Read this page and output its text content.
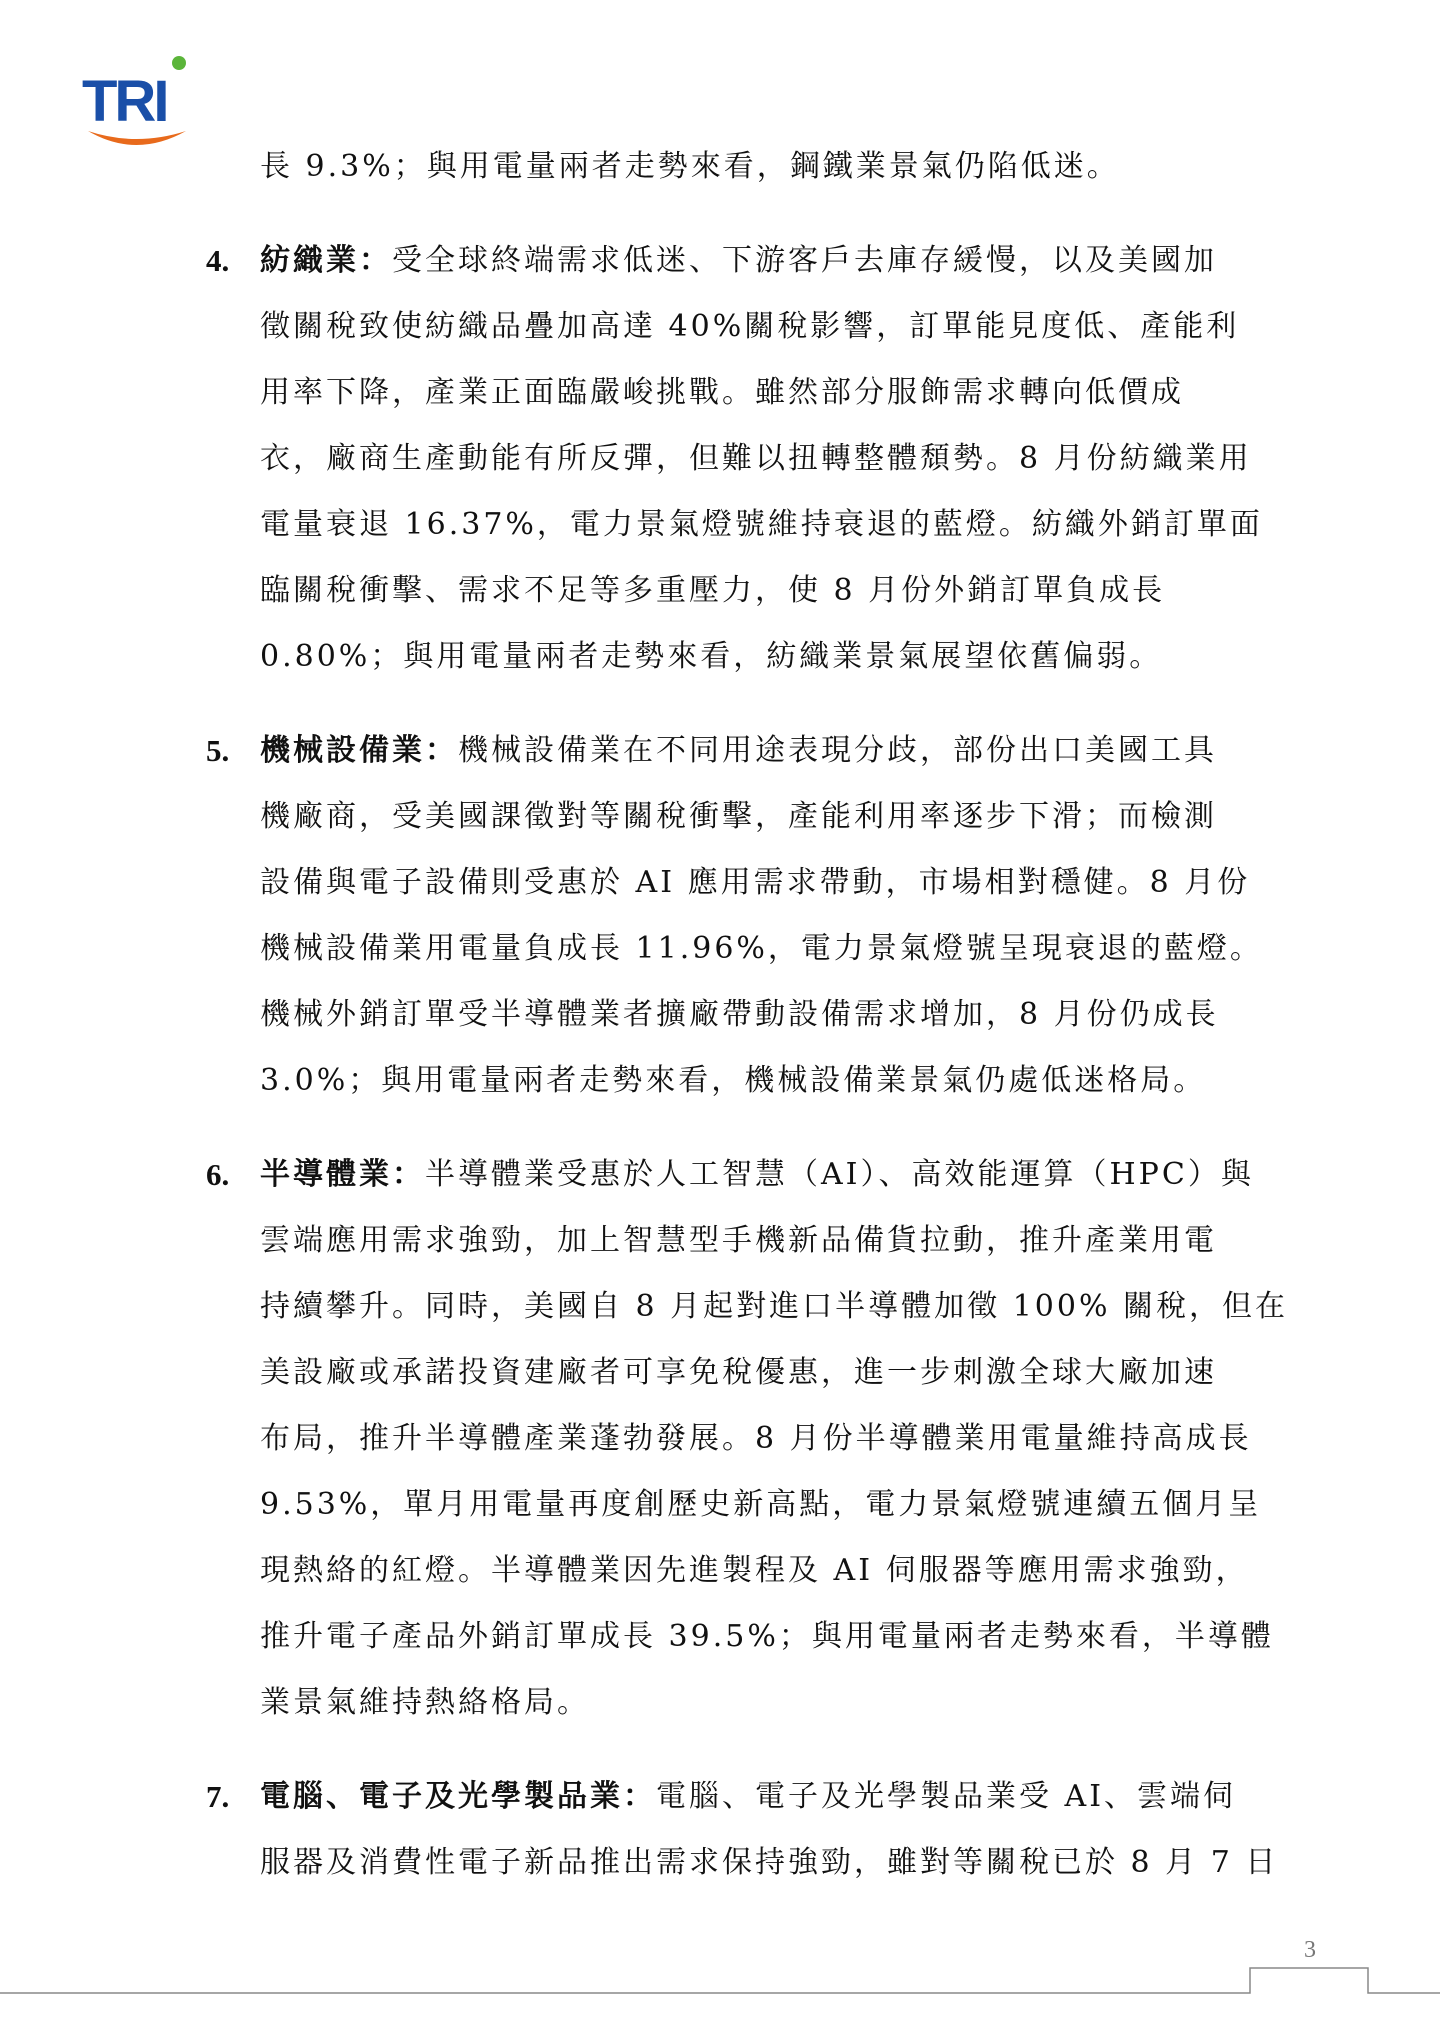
TRI
長 9.3%；與用電量兩者走勢來看，鋼鐵業景氣仍陷低迷。
4. 紡織業：受全球終端需求低迷、下游客戶去庫存緩慢，以及美國加
徵關稅致使紡織品疊加高達 40%關稅影響，訂單能見度低、產能利
用率下降，產業正面臨嚴峻挑戰。雖然部分服飾需求轉向低價成
衣，廠商生產動能有所反彈，但難以扭轉整體頹勢。8 月份紡織業用
電量衰退 16.37%，電力景氣燈號維持衰退的藍燈。紡織外銷訂單面
臨關稅衝擊、需求不足等多重壓力，使 8 月份外銷訂單負成長
0.80%；與用電量兩者走勢來看，紡織業景氣展望依舊偏弱。
5. 機械設備業：機械設備業在不同用途表現分歧，部份出口美國工具
機廠商，受美國課徵對等關稅衝擊，產能利用率逐步下滑；而檢測
設備與電子設備則受惠於 AI 應用需求帶動，市場相對穩健。8 月份
機械設備業用電量負成長 11.96%，電力景氣燈號呈現衰退的藍燈。
機械外銷訂單受半導體業者擴廠帶動設備需求增加，8 月份仍成長
3.0%；與用電量兩者走勢來看，機械設備業景氣仍處低迷格局。
6. 半導體業：半導體業受惠於人工智慧（AI）、高效能運算（HPC）與
雲端應用需求強勁，加上智慧型手機新品備貨拉動，推升產業用電
持續攀升。同時，美國自 8 月起對進口半導體加徵 100% 關稅，但在
美設廠或承諾投資建廠者可享免稅優惠，進一步刺激全球大廠加速
布局，推升半導體產業蓬勃發展。8 月份半導體業用電量維持高成長
9.53%，單月用電量再度創歷史新高點，電力景氣燈號連續五個月呈
現熱絡的紅燈。半導體業因先進製程及 AI 伺服器等應用需求強勁，
推升電子產品外銷訂單成長 39.5%；與用電量兩者走勢來看，半導體
業景氣維持熱絡格局。
7. 電腦、電子及光學製品業：電腦、電子及光學製品業受 AI、雲端伺
服器及消費性電子新品推出需求保持強勁，雖對等關稅已於 8 月 7 日
3
